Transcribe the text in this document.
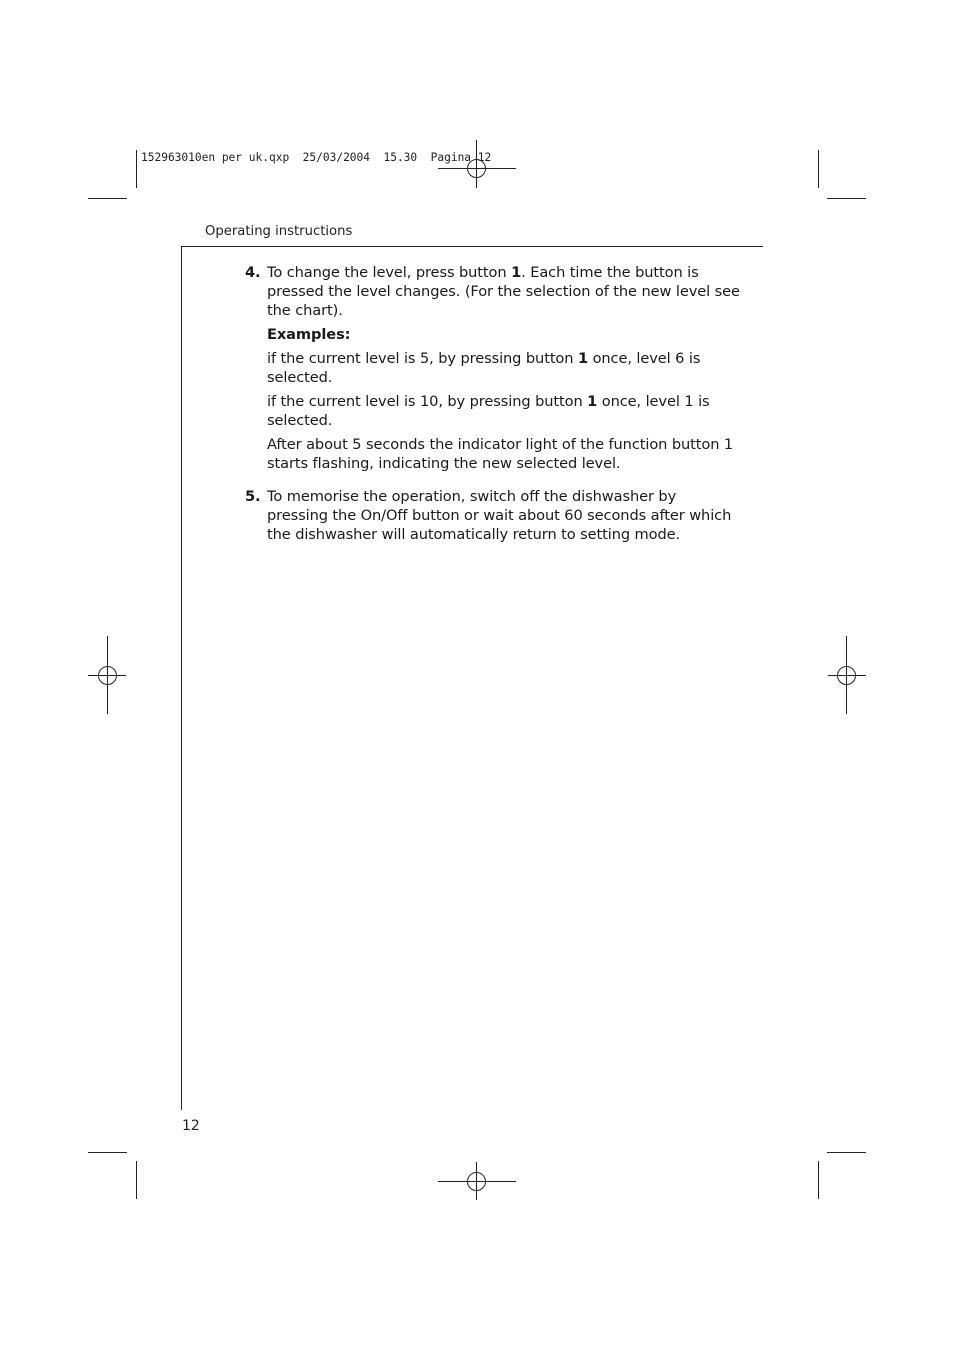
152963010en per uk.qxp  25/03/2004  15.30  Pagina 12
Operating instructions
4. To change the level, press button 1. Each time the button is pressed the level changes. (For the selection of the new level see the chart).
Examples:
if the current level is 5, by pressing button 1 once, level 6 is selected.
if the current level is 10, by pressing button 1 once, level 1 is selected.
After about 5 seconds the indicator light of the function button 1 starts flashing, indicating the new selected level.
5. To memorise the operation, switch off the dishwasher by pressing the On/Off button or wait about 60 seconds after which the dishwasher will automatically return to setting mode.
12
